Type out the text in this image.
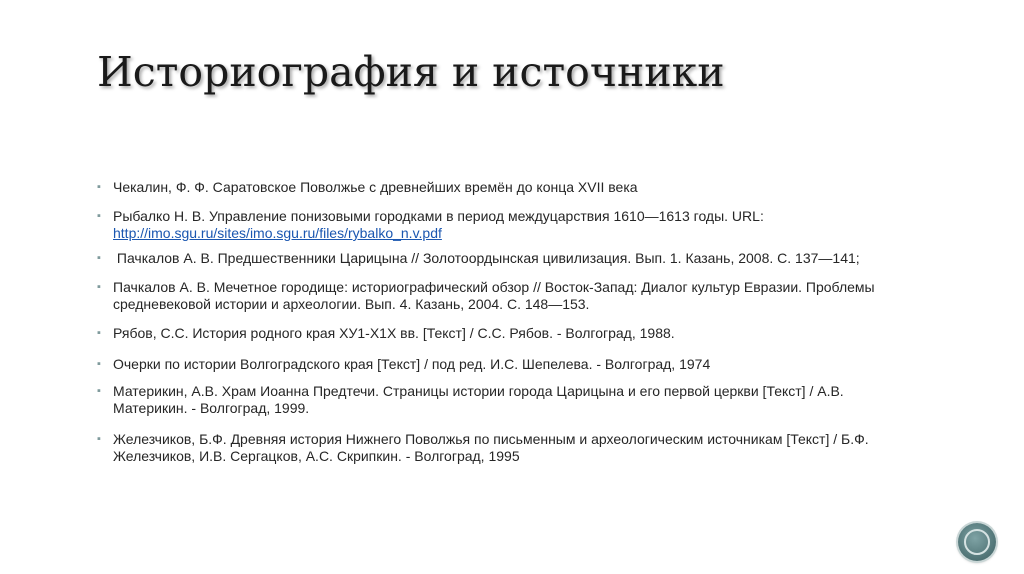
Историография и источники
▪ Чекалин, Ф. Ф. Саратовское Поволжье с древнейших времён до конца XVII века
▪ Рыбалко Н. В. Управление понизовыми городками в период междуцарствия 1610—1613 годы. URL:
http://imo.sgu.ru/sites/imo.sgu.ru/files/rybalko_n.v.pdf
▪ Пачкалов А. В. Предшественники Царицына // Золотоордынская цивилизация. Вып. 1. Казань, 2008. С. 137—141;
▪ Пачкалов А. В. Мечетное городище: историографический обзор // Восток-Запад: Диалог культур Евразии. Проблемы
средневековой истории и археологии. Вып. 4. Казань, 2004. С. 148—153.
▪ Рябов, С.С. История родного края ХУ1-Х1Х вв. [Текст] / С.С. Рябов. - Волгоград, 1988.
▪ Очерки по истории Волгоградского края [Текст] / под ред. И.С. Шепелева. - Волгоград, 1974
▪ Материкин, А.В. Храм Иоанна Предтечи. Страницы истории города Царицына и его первой церкви [Текст] / А.В.
Материкин. - Волгоград, 1999.
▪ Железчиков, Б.Ф. Древняя история Нижнего Поволжья по письменным и археологическим источникам [Текст] / Б.Ф.
Железчиков, И.В. Сергацков, А.С. Скрипкин. - Волгоград, 1995
